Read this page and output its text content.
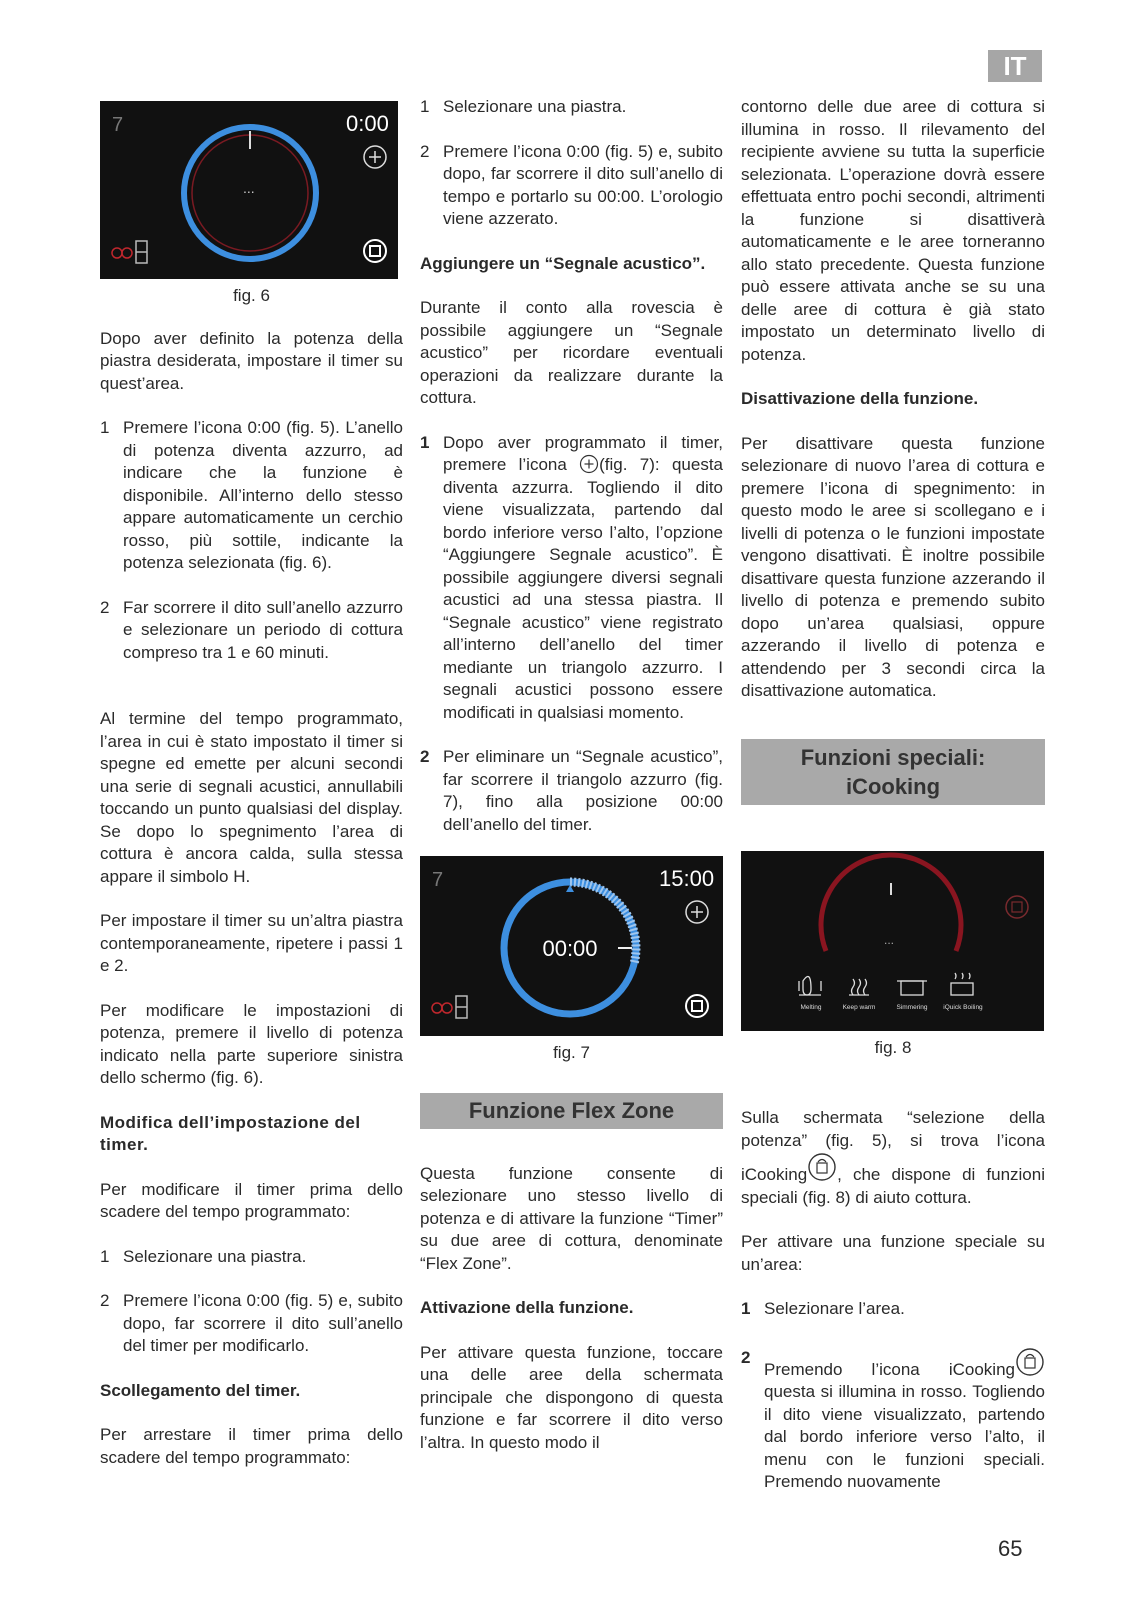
IT
7	0:00
...
fig. 6

Dopo aver definito la potenza della piastra desiderata, impostare il timer su quest’area.

1 Premere l’icona 0:00 (fig. 5). L’anello di potenza diventa azzurro, ad indicare che la funzione è disponibile. All’interno dello stesso appare automaticamente un cerchio rosso, più sottile, indicante la potenza selezionata (fig. 6).
2 Far scorrere il dito sull’anello azzurro e selezionare un periodo di cottura compreso tra 1 e 60 minuti.

Al termine del tempo programmato, l’area in cui è stato impostato il timer si spegne ed emette per alcuni secondi una serie di segnali acustici, annullabili toccando un punto qualsiasi del display. Se dopo lo spegnimento l’area di cottura è ancora calda, sulla stessa appare il simbolo H.

Per impostare il timer su un’altra piastra contemporaneamente, ripetere i passi 1 e 2.

Per modificare le impostazioni di potenza, premere il livello di potenza indicato nella parte superiore sinistra dello schermo (fig. 6).

Modifica dell’impostazione del timer.

Per modificare il timer prima dello scadere del tempo programmato:

1 Selezionare una piastra.
2 Premere l’icona 0:00 (fig. 5) e, subito dopo, far scorrere il dito sull’anello del timer per modificarlo.
Scollegamento del timer.

Per arrestare il timer prima dello scadere del tempo programmato:

1 Selezionare una piastra.
2 Premere l’icona 0:00 (fig. 5) e, subito dopo, far scorrere il dito sull’anello di tempo e portarlo su 00:00. L’orologio viene azzerato.
Aggiungere un “Segnale acustico”.

Durante il conto alla rovescia è possibile aggiungere un “Segnale acustico” per ricordare eventuali operazioni da realizzare durante la cottura.

1 Dopo aver programmato il timer, premere l’icona (fig. 7): questa diventa azzurra. Togliendo il dito viene visualizzata, partendo dal bordo inferiore verso l’alto, l’opzione “Aggiungere Segnale acustico”. È possibile aggiungere diversi segnali acustici ad una stessa piastra. Il “Segnale acustico” viene registrato all’interno dell’anello del timer mediante un triangolo azzurro. I segnali acustici possono essere modificati in qualsiasi momento.
2 Per eliminare un “Segnale acustico”, far scorrere il triangolo azzurro (fig. 7), fino alla posizione 00:00 dell’anello del timer.
7	15:00
00:00
fig. 7
Funzione Flex Zone

Questa funzione consente di selezionare uno stesso livello di potenza e di attivare la funzione “Timer” su due aree di cottura, denominate “Flex Zone”.

Attivazione della funzione.

Per attivare questa funzione, toccare una delle aree della schermata principale che dispongono di questa funzione e far scorrere il dito verso l’altra. In questo modo il

contorno delle due aree di cottura si illumina in rosso. Il rilevamento del recipiente avviene su tutta la superficie selezionata. L’operazione dovrà essere effettuata entro pochi secondi, altrimenti la funzione si disattiverà automaticamente e le aree torneranno allo stato precedente. Questa funzione può essere attivata anche se su una delle aree di cottura è già stato impostato un determinato livello di potenza.

Disattivazione della funzione.

Per disattivare questa funzione selezionare di nuovo l’area di cottura e premere l’icona di spegnimento: in questo modo le aree si scollegano e i livelli di potenza o le funzioni impostate vengono disattivati. È inoltre possibile disattivare questa funzione azzerando il livello di potenza e premendo subito dopo un’area qualsiasi, oppure azzerando il livello di potenza e attendendo per 3 secondi circa la disattivazione automatica.

Funzioni speciali:
iCooking
...
Melting	Keep warm	Simmering iQuick Boiling
fig. 8

Sulla schermata “selezione della potenza” (fig. 5), si trova l’icona iCooking , che dispone di funzioni speciali (fig. 8) di aiuto cottura.

Per attivare una funzione speciale su un’area:

1 Selezionare l’area.
2
Premendo l’icona iCooking questa si illumina in rosso. Togliendo il dito viene visualizzato, partendo dal bordo inferiore verso l’alto, il menu con le funzioni speciali. Premendo nuovamente
65
